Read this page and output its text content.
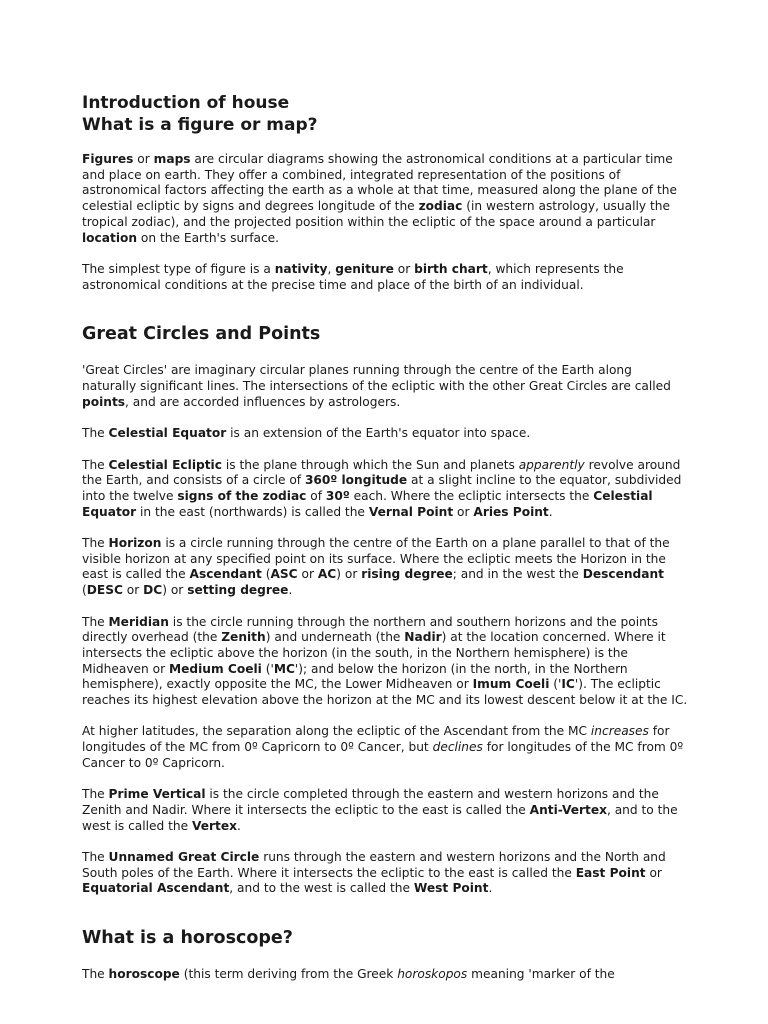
Introduction of house
What is a figure or map?

Figures or maps are circular diagrams showing the astronomical conditions at a particular time and place on earth. They offer a combined, integrated representation of the positions of astronomical factors affecting the earth as a whole at that time, measured along the plane of the celestial ecliptic by signs and degrees longitude of the zodiac (in western astrology, usually the tropical zodiac), and the projected position within the ecliptic of the space around a particular location on the Earth's surface.

The simplest type of figure is a nativity, geniture or birth chart, which represents the astronomical conditions at the precise time and place of the birth of an individual.

Great Circles and Points

'Great Circles' are imaginary circular planes running through the centre of the Earth along naturally significant lines. The intersections of the ecliptic with the other Great Circles are called points, and are accorded influences by astrologers.

The Celestial Equator is an extension of the Earth's equator into space.

The Celestial Ecliptic is the plane through which the Sun and planets apparently revolve around the Earth, and consists of a circle of 360º longitude at a slight incline to the equator, subdivided into the twelve signs of the zodiac of 30º each. Where the ecliptic intersects the Celestial Equator in the east (northwards) is called the Vernal Point or Aries Point.

The Horizon is a circle running through the centre of the Earth on a plane parallel to that of the visible horizon at any specified point on its surface. Where the ecliptic meets the Horizon in the east is called the Ascendant (ASC or AC) or rising degree; and in the west the Descendant (DESC or DC) or setting degree.

The Meridian is the circle running through the northern and southern horizons and the points directly overhead (the Zenith) and underneath (the Nadir) at the location concerned. Where it intersects the ecliptic above the horizon (in the south, in the Northern hemisphere) is the Midheaven or Medium Coeli ('MC'); and below the horizon (in the north, in the Northern hemisphere), exactly opposite the MC, the Lower Midheaven or Imum Coeli ('IC'). The ecliptic reaches its highest elevation above the horizon at the MC and its lowest descent below it at the IC.

At higher latitudes, the separation along the ecliptic of the Ascendant from the MC increases for longitudes of the MC from 0º Capricorn to 0º Cancer, but declines for longitudes of the MC from 0º Cancer to 0º Capricorn.

The Prime Vertical is the circle completed through the eastern and western horizons and the Zenith and Nadir. Where it intersects the ecliptic to the east is called the Anti-Vertex, and to the west is called the Vertex.

The Unnamed Great Circle runs through the eastern and western horizons and the North and South poles of the Earth. Where it intersects the ecliptic to the east is called the East Point or Equatorial Ascendant, and to the west is called the West Point.

What is a horoscope?

The horoscope (this term deriving from the Greek horoskopos meaning 'marker of the
